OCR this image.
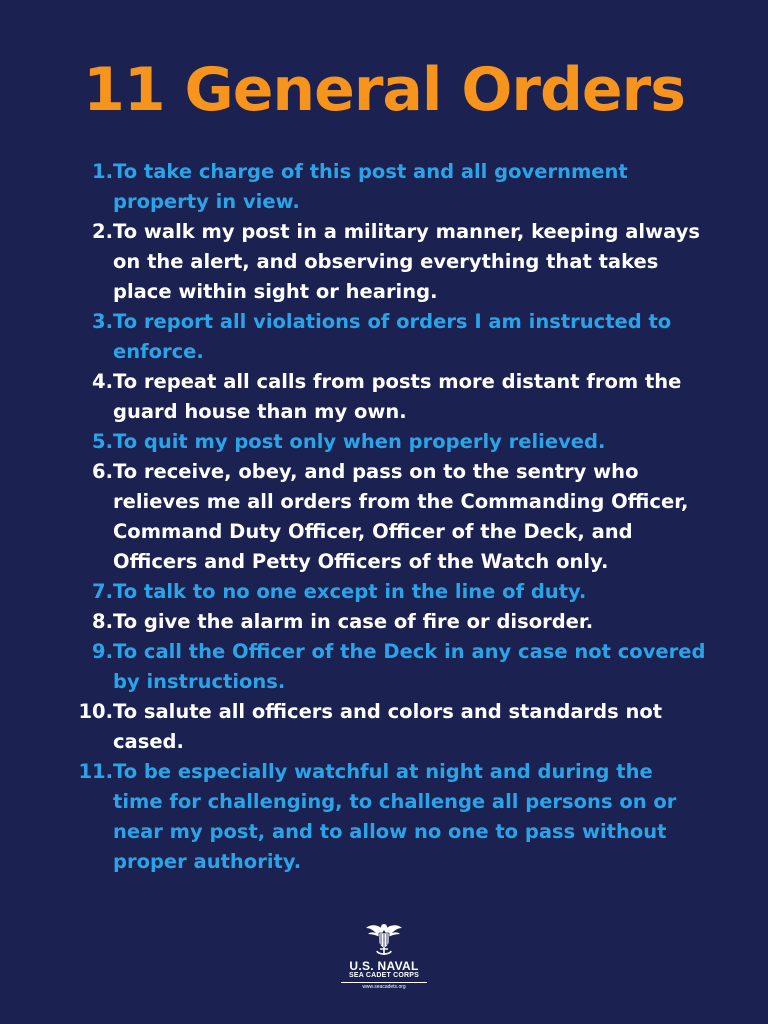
11 General Orders
1. To take charge of this post and all government property in view.
2. To walk my post in a military manner, keeping always on the alert, and observing everything that takes place within sight or hearing.
3. To report all violations of orders I am instructed to enforce.
4. To repeat all calls from posts more distant from the guard house than my own.
5. To quit my post only when properly relieved.
6. To receive, obey, and pass on to the sentry who relieves me all orders from the Commanding Officer, Command Duty Officer, Officer of the Deck, and Officers and Petty Officers of the Watch only.
7. To talk to no one except in the line of duty.
8. To give the alarm in case of fire or disorder.
9. To call the Officer of the Deck in any case not covered by instructions.
10. To salute all officers and colors and standards not cased.
11. To be especially watchful at night and during the time for challenging, to challenge all persons on or near my post, and to allow no one to pass without proper authority.
U.S. NAVAL
SEA CADET CORPS
www.seacadets.org
